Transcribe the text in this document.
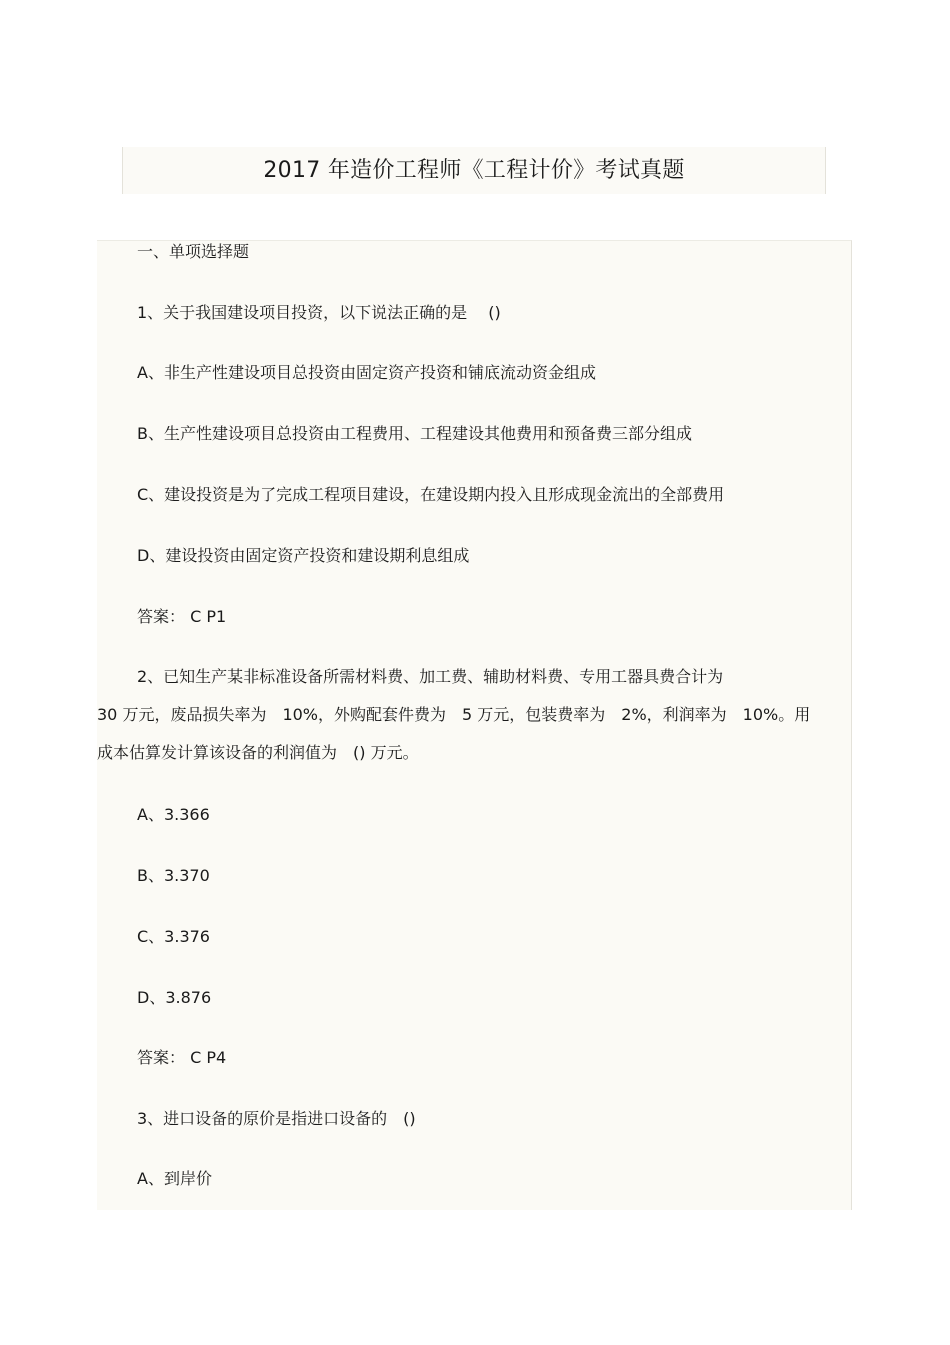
2017 年造价工程师《工程计价》考试真题

一、单项选择题

1、关于我国建设项目投资，以下说法正确的是　 ()

A、非生产性建设项目总投资由固定资产投资和铺底流动资金组成

B、生产性建设项目总投资由工程费用、工程建设其他费用和预备费三部分组成

C、建设投资是为了完成工程项目建设，在建设期内投入且形成现金流出的全部费用

D、建设投资由固定资产投资和建设期利息组成

答案： C P1

2、已知生产某非标准设备所需材料费、加工费、辅助材料费、专用工器具费合计为
30 万元，废品损失率为　10%，外购配套件费为　5 万元，包装费率为　2%，利润率为　10%。用
成本估算发计算该设备的利润值为　() 万元。

A、3.366

B、3.370

C、3.376

D、3.876

答案： C P4

3、进口设备的原价是指进口设备的　()

A、到岸价
